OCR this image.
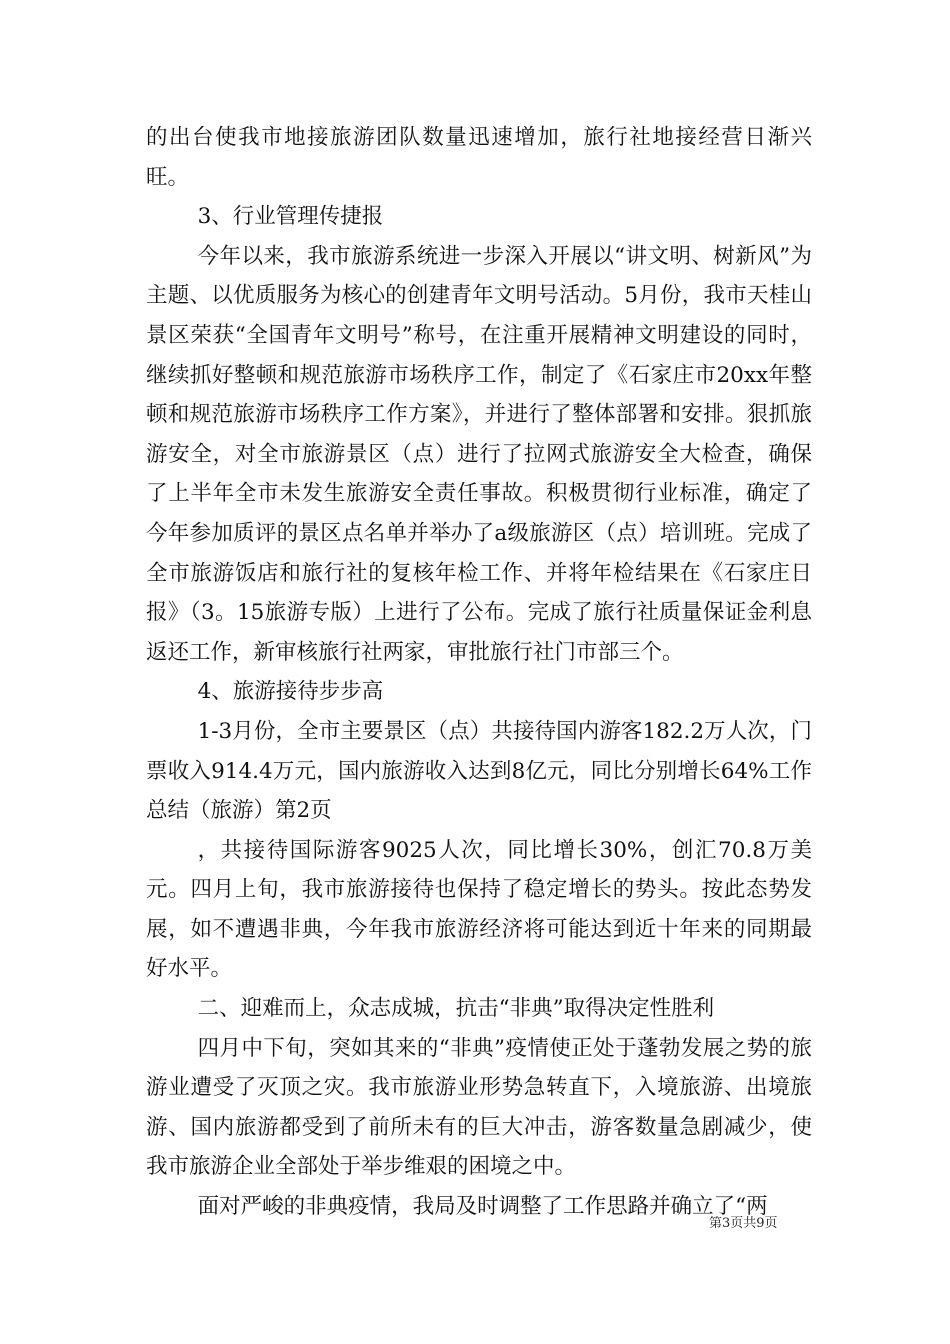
的出台使我市地接旅游团队数量迅速增加，旅行社地接经营日渐兴旺。

3、行业管理传捷报

今年以来，我市旅游系统进一步深入开展以“讲文明、树新风”为主题、以优质服务为核心的创建青年文明号活动。5月份，我市天桂山景区荣获“全国青年文明号”称号，在注重开展精神文明建设的同时，继续抓好整顿和规范旅游市场秩序工作，制定了《石家庄市20xx年整顿和规范旅游市场秩序工作方案》，并进行了整体部署和安排。狠抓旅游安全，对全市旅游景区（点）进行了拉网式旅游安全大检查，确保了上半年全市未发生旅游安全责任事故。积极贯彻行业标准，确定了今年参加质评的景区点名单并举办了a级旅游区（点）培训班。完成了全市旅游饭店和旅行社的复核年检工作、并将年检结果在《石家庄日报》（3。15旅游专版）上进行了公布。完成了旅行社质量保证金利息返还工作，新审核旅行社两家，审批旅行社门市部三个。

4、旅游接待步步高

1-3月份，全市主要景区（点）共接待国内游客182.2万人次，门票收入914.4万元，国内旅游收入达到8亿元，同比分别增长64%工作总结（旅游）第2页

，共接待国际游客9025人次，同比增长30%，创汇70.8万美元。四月上旬，我市旅游接待也保持了稳定增长的势头。按此态势发展，如不遭遇非典，今年我市旅游经济将可能达到近十年来的同期最好水平。

二、迎难而上，众志成城，抗击“非典”取得决定性胜利

四月中下旬，突如其来的“非典”疫情使正处于蓬勃发展之势的旅游业遭受了灭顶之灾。我市旅游业形势急转直下，入境旅游、出境旅游、国内旅游都受到了前所未有的巨大冲击，游客数量急剧减少，使我市旅游企业全部处于举步维艰的困境之中。

面对严峻的非典疫情，我局及时调整了工作思路并确立了“两

第3页共9页
